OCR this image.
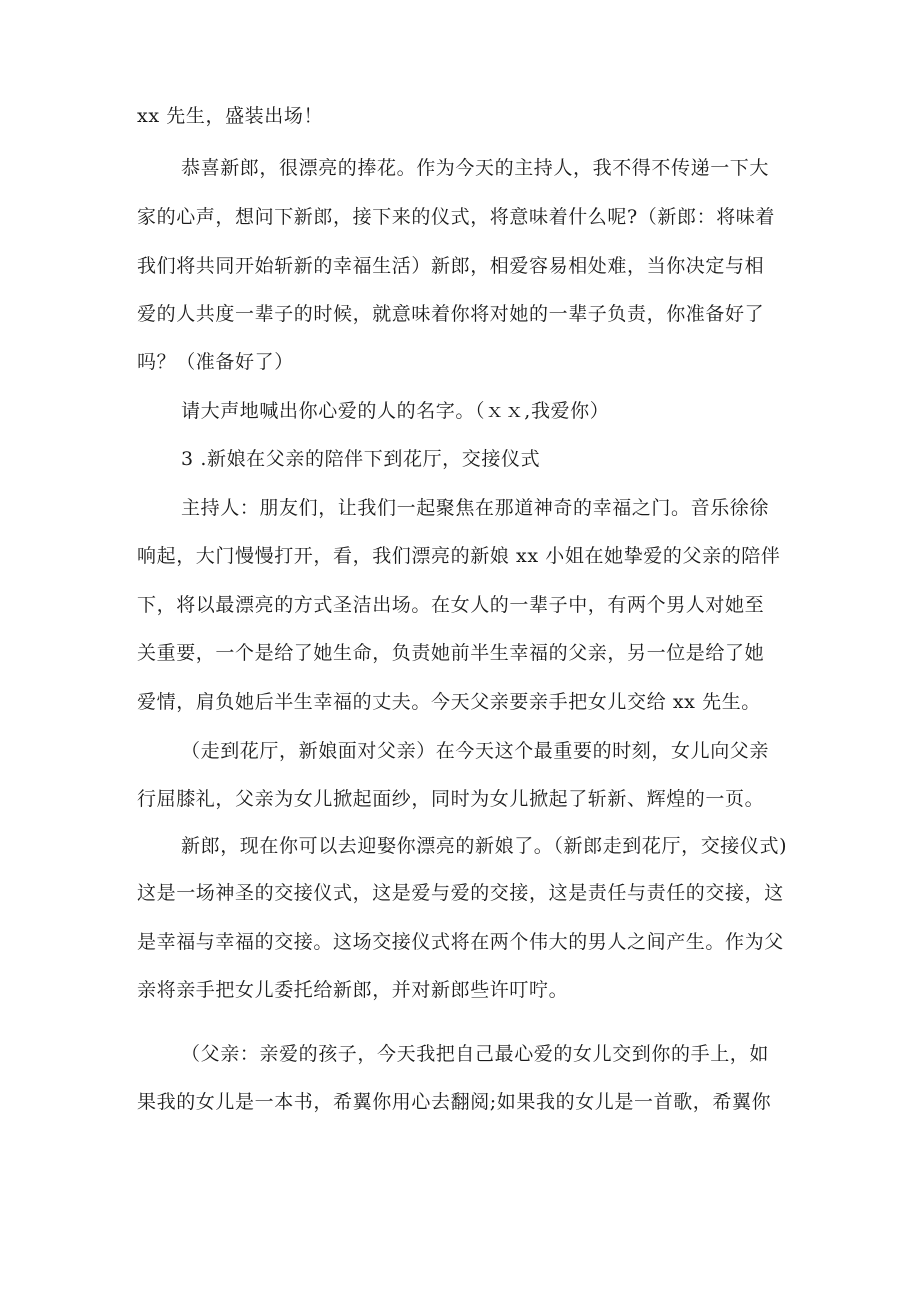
xx 先生，盛装出场！
恭喜新郎，很漂亮的捧花。作为今天的主持人，我不得不传递一下大
家的心声，想问下新郎，接下来的仪式，将意味着什么呢?（新郎：将味着
我们将共同开始斩新的幸福生活）新郎，相爱容易相处难，当你决定与相
爱的人共度一辈子的时候，就意味着你将对她的一辈子负责，你准备好了
吗？（准备好了）
请大声地喊出你心爱的人的名字。（ｘｘ,我爱你）
3 .新娘在父亲的陪伴下到花厅，交接仪式
主持人：朋友们，让我们一起聚焦在那道神奇的幸福之门。音乐徐徐
响起，大门慢慢打开，看，我们漂亮的新娘 xx 小姐在她挚爱的父亲的陪伴
下，将以最漂亮的方式圣洁出场。在女人的一辈子中，有两个男人对她至
关重要，一个是给了她生命，负责她前半生幸福的父亲，另一位是给了她
爱情，肩负她后半生幸福的丈夫。今天父亲要亲手把女儿交给 xx 先生。
（走到花厅，新娘面对父亲）在今天这个最重要的时刻，女儿向父亲
行屈膝礼，父亲为女儿掀起面纱，同时为女儿掀起了斩新、辉煌的一页。
新郎，现在你可以去迎娶你漂亮的新娘了。（新郎走到花厅，交接仪式)
这是一场神圣的交接仪式，这是爱与爱的交接，这是责任与责任的交接，这
是幸福与幸福的交接。这场交接仪式将在两个伟大的男人之间产生。作为父
亲将亲手把女儿委托给新郎，并对新郎些许叮咛。
（父亲：亲爱的孩子，今天我把自己最心爱的女儿交到你的手上，如
果我的女儿是一本书，希翼你用心去翻阅;如果我的女儿是一首歌，希翼你
